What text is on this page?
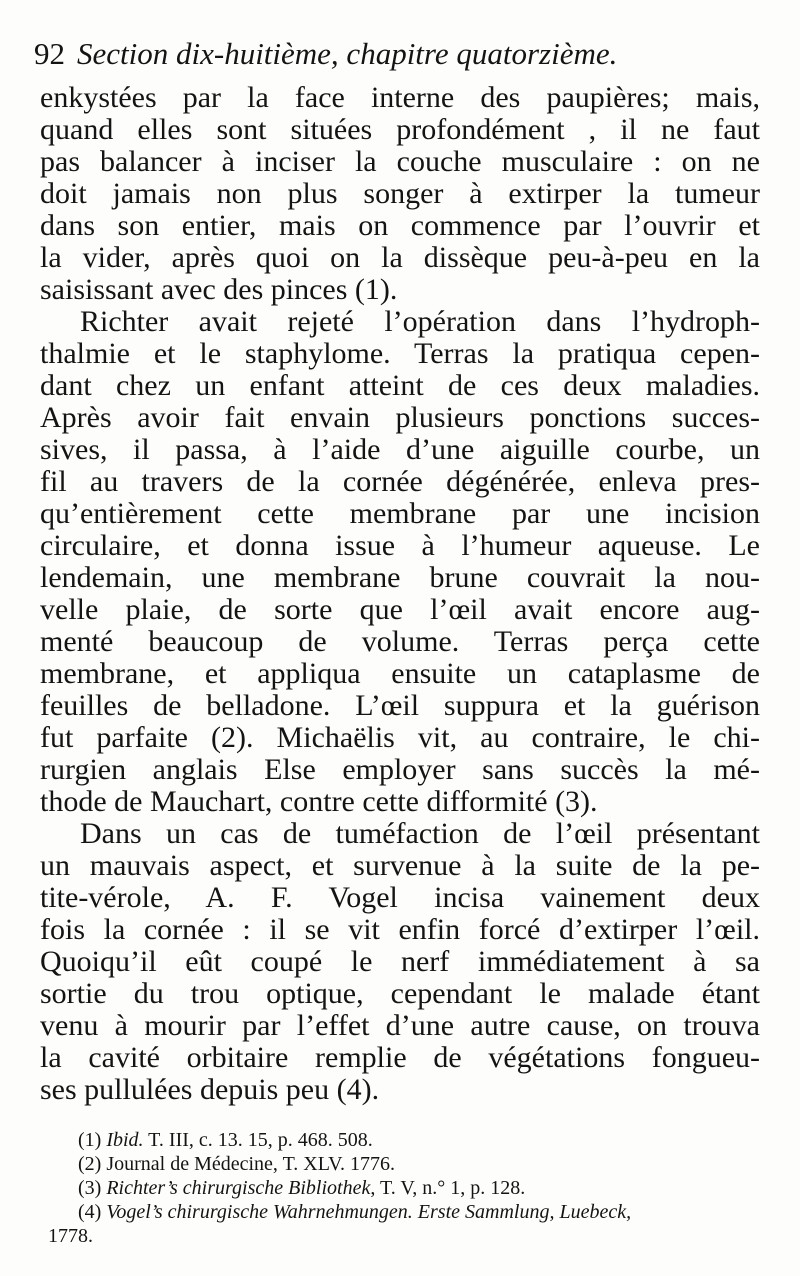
92 Section dix-huitième, chapitre quatorzième.
enkystées par la face interne des paupières; mais,
quand elles sont situées profondément , il ne faut
pas balancer à inciser la couche musculaire : on ne
doit jamais non plus songer à extirper la tumeur
dans son entier, mais on commence par l’ouvrir et
la vider, après quoi on la dissèque peu-à-peu en la
saisissant avec des pinces (1).
Richter avait rejeté l’opération dans l’hydroph-
thalmie et le staphylome. Terras la pratiqua cepen-
dant chez un enfant atteint de ces deux maladies.
Après avoir fait envain plusieurs ponctions succes-
sives, il passa, à l’aide d’une aiguille courbe, un
fil au travers de la cornée dégénérée, enleva pres-
qu’entièrement cette membrane par une incision
circulaire, et donna issue à l’humeur aqueuse. Le
lendemain, une membrane brune couvrait la nou-
velle plaie, de sorte que l’œil avait encore aug-
menté beaucoup de volume. Terras perça cette
membrane, et appliqua ensuite un cataplasme de
feuilles de belladone. L’œil suppura et la guérison
fut parfaite (2). Michaëlis vit, au contraire, le chi-
rurgien anglais Else employer sans succès la mé-
thode de Mauchart, contre cette difformité (3).
Dans un cas de tuméfaction de l’œil présentant
un mauvais aspect, et survenue à la suite de la pe-
tite-vérole, A. F. Vogel incisa vainement deux
fois la cornée : il se vit enfin forcé d’extirper l’œil.
Quoiqu’il eût coupé le nerf immédiatement à sa
sortie du trou optique, cependant le malade étant
venu à mourir par l’effet d’une autre cause, on trouva
la cavité orbitaire remplie de végétations fongueu-
ses pullulées depuis peu (4).
(1) Ibid. T. III, c. 13. 15, p. 468. 508.
(2) Journal de Médecine, T. XLV. 1776.
(3) Richter’s chirurgische Bibliothek, T. V, n.° 1, p. 128.
(4) Vogel’s chirurgische Wahrnehmungen. Erste Sammlung, Luebeck,
1778.
